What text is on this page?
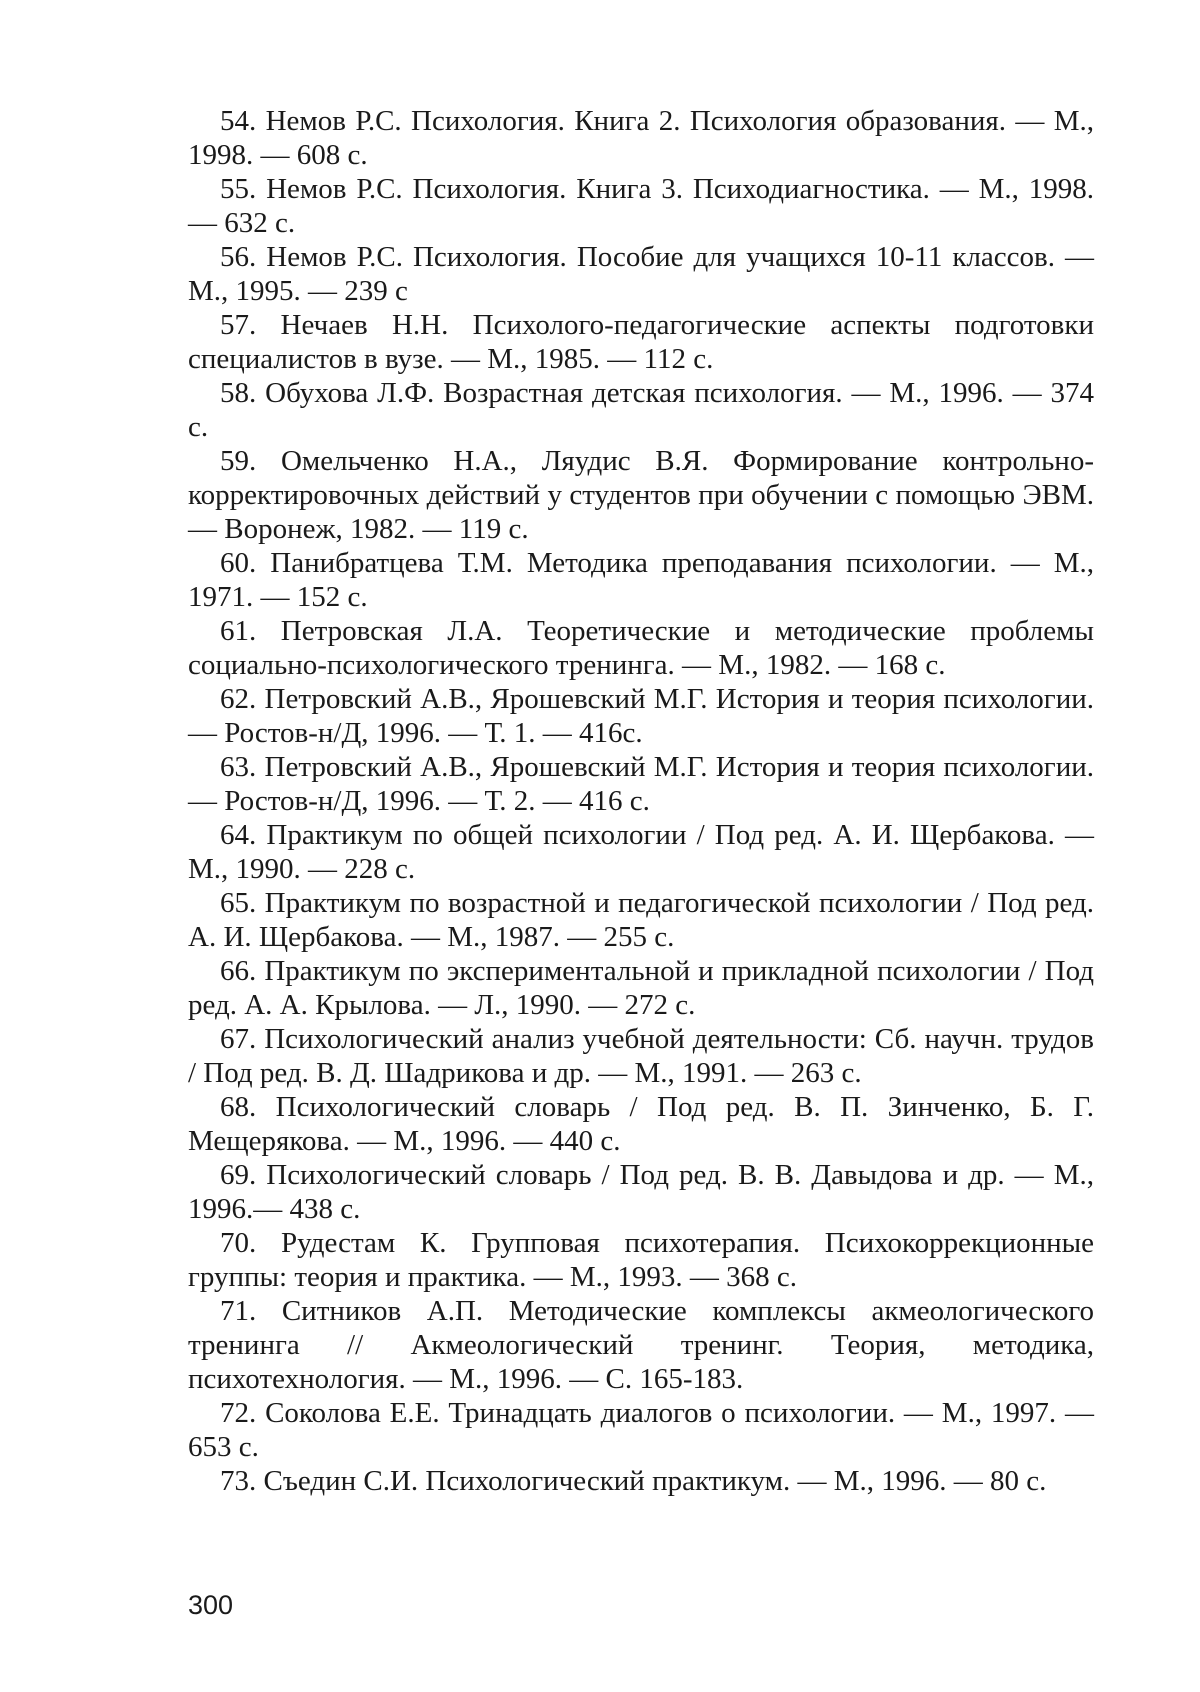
54. Немов Р.С. Психология. Книга 2. Психология образования. — М., 1998. — 608 с.

55. Немов Р.С. Психология. Книга 3. Психодиагностика. — М., 1998.— 632 с.

56. Немов Р.С. Психология. Пособие для учащихся 10-11 классов. — М., 1995. — 239 с

57. Нечаев Н.Н. Психолого-педагогические аспекты подготовки специалистов в вузе. — М., 1985. — 112 с.

58. Обухова Л.Ф. Возрастная детская психология. — М., 1996. — 374 с.

59. Омельченко Н.А., Ляудис В.Я. Формирование контрольно-корректировочных действий у студентов при обучении с помощью ЭВМ. — Воронеж, 1982. — 119 с.

60. Панибратцева Т.М. Методика преподавания психологии. — М., 1971. — 152 с.

61. Петровская Л.А. Теоретические и методические проблемы социально-психологического тренинга. — М., 1982. — 168 с.

62. Петровский А.В., Ярошевский М.Г. История и теория психологии. — Ростов-н/Д, 1996. — Т. 1. — 416с.

63. Петровский А.В., Ярошевский М.Г. История и теория психологии. — Ростов-н/Д, 1996. — Т. 2. — 416 с.

64. Практикум по общей психологии / Под ред. А. И. Щербакова. — М., 1990. — 228 с.

65. Практикум по возрастной и педагогической психологии / Под ред. А. И. Щербакова. — М., 1987. — 255 с.

66. Практикум по экспериментальной и прикладной психологии / Под ред. А. А. Крылова. — Л., 1990. — 272 с.

67. Психологический анализ учебной деятельности: Сб. научн. трудов / Под ред. В. Д. Шадрикова и др. — М., 1991. — 263 с.

68. Психологический словарь / Под ред. В. П. Зинченко, Б. Г. Мещерякова. — М., 1996. — 440 с.

69. Психологический словарь / Под ред. В. В. Давыдова и др. — М., 1996.— 438 с.

70. Рудестам К. Групповая психотерапия. Психокоррекционные группы: теория и практика. — М., 1993. — 368 с.

71. Ситников А.П. Методические комплексы акмеологического тренинга // Акмеологический тренинг. Теория, методика, психотехнология. — М., 1996. — С. 165-183.

72. Соколова Е.Е. Тринадцать диалогов о психологии. — М., 1997. — 653 с.

73. Съедин С.И. Психологический практикум. — М., 1996. — 80 с.

300
